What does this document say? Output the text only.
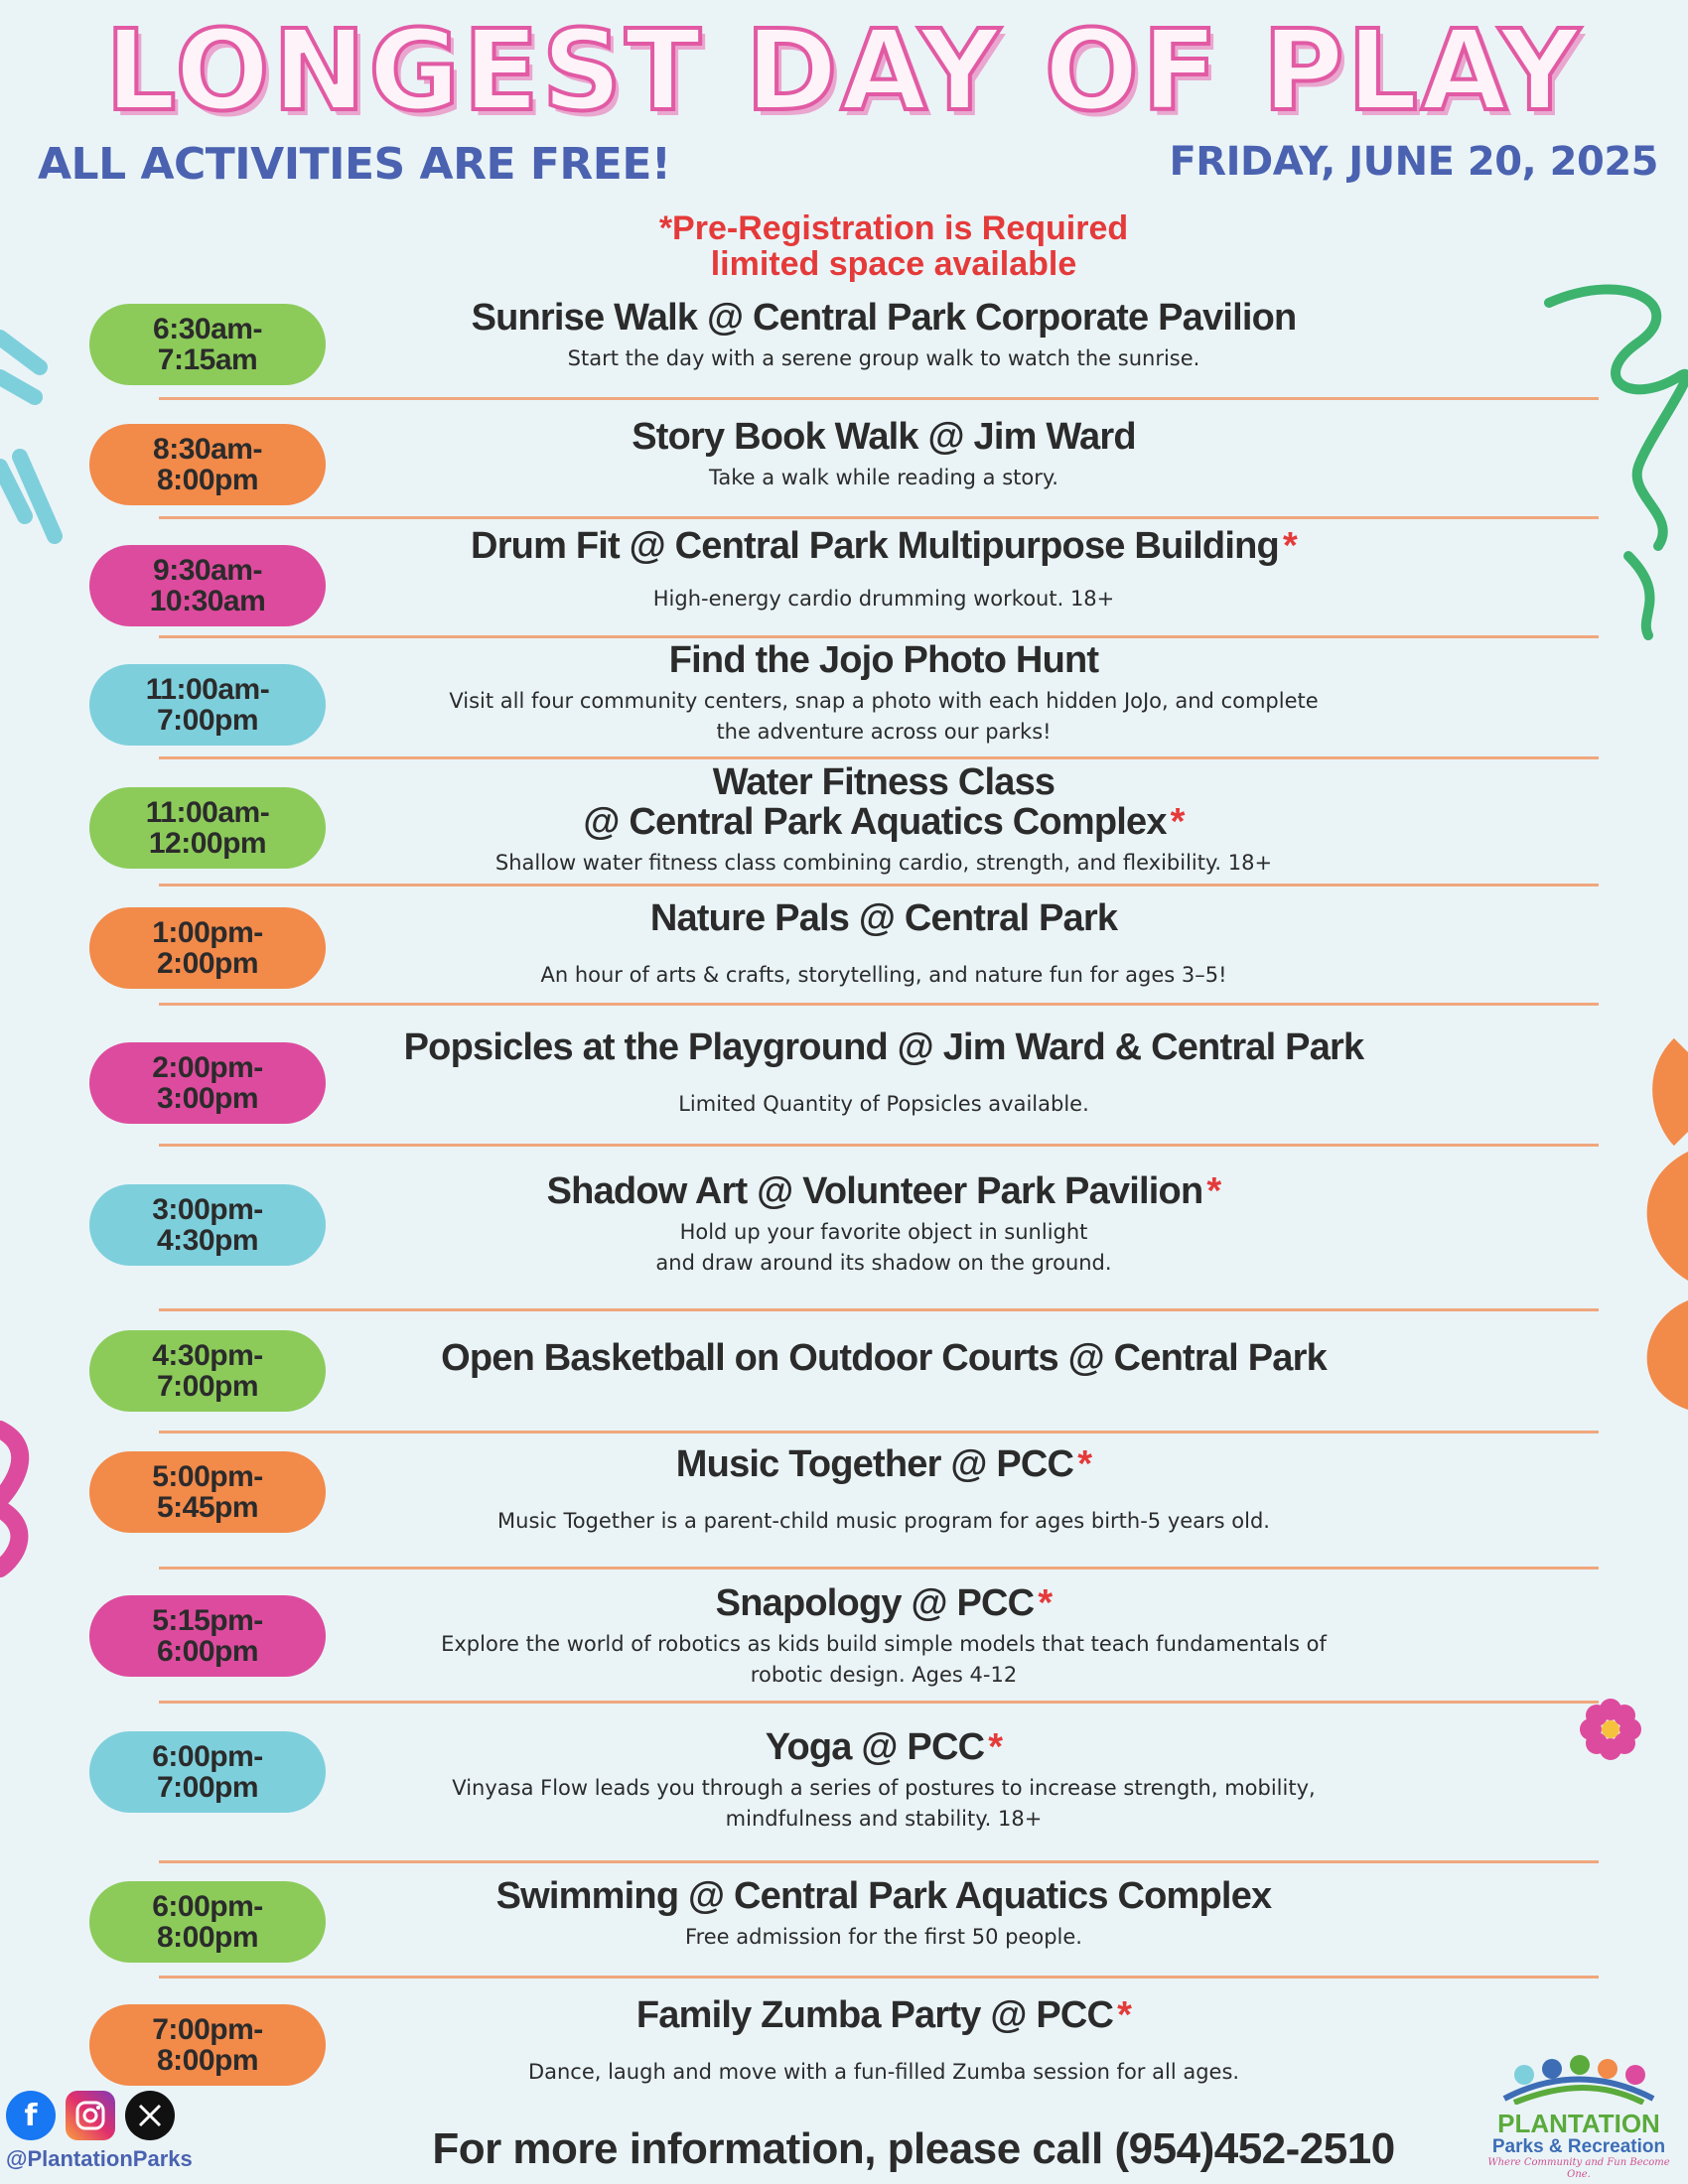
LONGEST DAY OF PLAY
ALL ACTIVITIES ARE FREE!	FRIDAY, JUNE 20, 2025
*Pre-Registration is Required
limited space available
6:30am-
7:15am
Sunrise Walk @ Central Park Corporate Pavilion
Start the day with a serene group walk to watch the sunrise.
8:30am-
8:00pm
Story Book Walk @ Jim Ward
Take a walk while reading a story.
9:30am-
10:30am
Drum Fit @ Central Park Multipurpose Building *
High-energy cardio drumming workout. 18+
11:00am-
7:00pm
Find the Jojo Photo Hunt
Visit all four community centers, snap a photo with each hidden JoJo, and complete
the adventure across our parks!
11:00am-
12:00pm
Water Fitness Class
@ Central Park Aquatics Complex *
Shallow water fitness class combining cardio, strength, and flexibility. 18+
1:00pm-
2:00pm
Nature Pals @ Central Park
An hour of arts & crafts, storytelling, and nature fun for ages 3–5!
2:00pm-
3:00pm
Popsicles at the Playground @ Jim Ward & Central Park
Limited Quantity of Popsicles available.
3:00pm-
4:30pm
Shadow Art @ Volunteer Park Pavilion *
Hold up your favorite object in sunlight
and draw around its shadow on the ground.
4:30pm-
7:00pm
Open Basketball on Outdoor Courts @ Central Park
5:00pm-
5:45pm
Music Together @ PCC *
Music Together is a parent-child music program for ages birth-5 years old.
5:15pm-
6:00pm
Snapology @ PCC *
Explore the world of robotics as kids build simple models that teach fundamentals of
robotic design. Ages 4-12
6:00pm-
7:00pm
Yoga @ PCC *
Vinyasa Flow leads you through a series of postures to increase strength, mobility,
mindfulness and stability. 18+
6:00pm-
8:00pm
Swimming @ Central Park Aquatics Complex
Free admission for the first 50 people.
7:00pm-
8:00pm
Family Zumba Party @ PCC *
Dance, laugh and move with a fun-filled Zumba session for all ages.
f
@PlantationParks	For more information, please call (954)452-2510
PLANTATION
Parks & Recreation
Where Community and Fun Become One.
